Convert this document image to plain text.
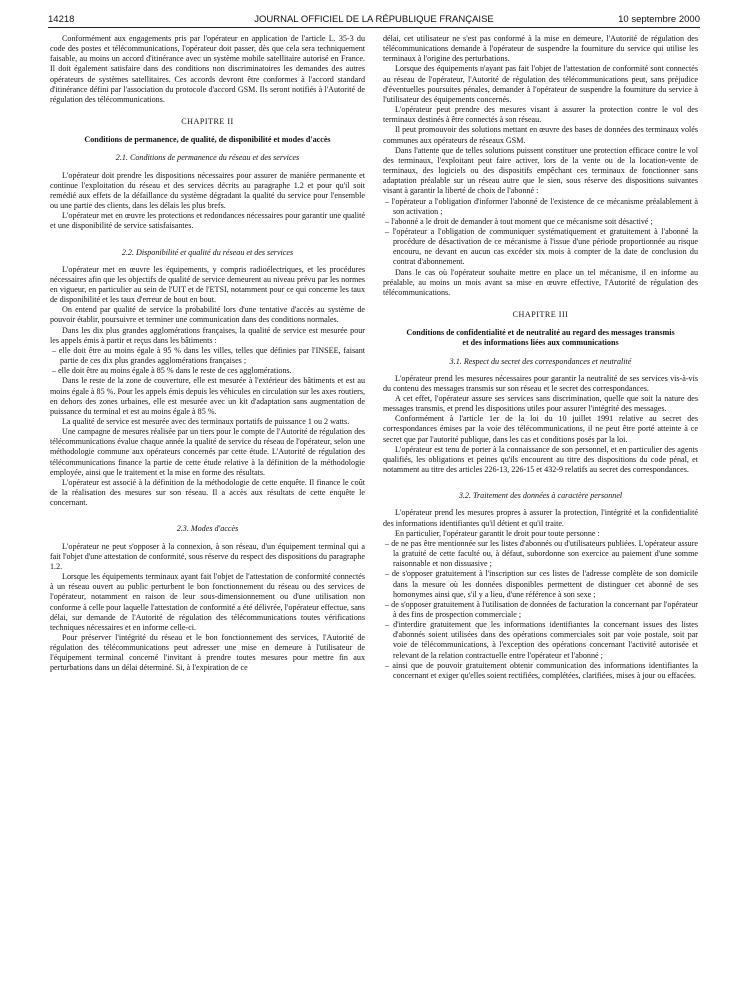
14218	JOURNAL OFFICIEL DE LA RÉPUBLIQUE FRANÇAISE	10 septembre 2000

Conformément aux engagements pris par l'opérateur en application de l'article L. 35-3 du code des postes et télécommunications, l'opérateur doit passer, dès que cela sera techniquement faisable, au moins un accord d'itinérance avec un système mobile satellitaire autorisé en France. Il doit également satisfaire dans des conditions non discriminatoires les demandes des autres opérateurs de systèmes satellitaires. Ces accords devront être conformes à l'accord standard d'itinérance défini par l'association du protocole d'accord GSM. Ils seront notifiés à l'Autorité de régulation des télécommunications.

CHAPITRE II

Conditions de permanence, de qualité, de disponibilité et modes d'accès

2.1. Conditions de permanence du réseau et des services

L'opérateur doit prendre les dispositions nécessaires pour assurer de manière permanente et continue l'exploitation du réseau et des services décrits au paragraphe 1.2 et pour qu'il soit remédié aux effets de la défaillance du système dégradant la qualité du service pour l'ensemble ou une partie des clients, dans les délais les plus brefs.

L'opérateur met en œuvre les protections et redondances nécessaires pour garantir une qualité et une disponibilité de service satisfaisantes.

2.2. Disponibilité et qualité du réseau et des services

L'opérateur met en œuvre les équipements, y compris radioélectriques, et les procédures nécessaires afin que les objectifs de qualité de service demeurent au niveau prévu par les normes en vigueur, en particulier au sein de l'UIT et de l'ETSI, notamment pour ce qui concerne les taux de disponibilité et les taux d'erreur de bout en bout.

On entend par qualité de service la probabilité lors d'une tentative d'accès au système de pouvoir établir, poursuivre et terminer une communication dans des conditions normales.

Dans les dix plus grandes agglomérations françaises, la qualité de service est mesurée pour les appels émis à partir et reçus dans les bâtiments :

– elle doit être au moins égale à 95 % dans les villes, telles que définies par l'INSEE, faisant partie de ces dix plus grandes agglomérations françaises ;

– elle doit être au moins égale à 85 % dans le reste de ces agglomérations.

Dans le reste de la zone de couverture, elle est mesurée à l'extérieur des bâtiments et est au moins égale à 85 %. Pour les appels émis depuis les véhicules en circulation sur les axes routiers, en dehors des zones urbaines, elle est mesurée avec un kit d'adaptation sans augmentation de puissance du terminal et est au moins égale à 85 %.

La qualité de service est mesurée avec des terminaux portatifs de puissance 1 ou 2 watts.

Une campagne de mesures réalisée par un tiers pour le compte de l'Autorité de régulation des télécommunications évalue chaque année la qualité de service du réseau de l'opérateur, selon une méthodologie commune aux opérateurs concernés par cette étude. L'Autorité de régulation des télécommunications finance la partie de cette étude relative à la définition de la méthodologie employée, ainsi que le traitement et la mise en forme des résultats.

L'opérateur est associé à la définition de la méthodologie de cette enquête. Il finance le coût de la réalisation des mesures sur son réseau. Il a accès aux résultats de cette enquête le concernant.

2.3. Modes d'accès

L'opérateur ne peut s'opposer à la connexion, à son réseau, d'un équipement terminal qui a fait l'objet d'une attestation de conformité, sous réserve du respect des dispositions du paragraphe 1.2.

Lorsque les équipements terminaux ayant fait l'objet de l'attestation de conformité connectés à un réseau ouvert au public perturbent le bon fonctionnement du réseau ou des services de l'opérateur, notamment en raison de leur sous-dimensionnement ou d'une utilisation non conforme à celle pour laquelle l'attestation de conformité a été délivrée, l'opérateur effectue, sans délai, sur demande de l'Autorité de régulation des télécommunications toutes vérifications techniques nécessaires et en informe celle-ci.

Pour préserver l'intégrité du réseau et le bon fonctionnement des services, l'Autorité de régulation des télécommunications peut adresser une mise en demeure à l'utilisateur de l'équipement terminal concerné l'invitant à prendre toutes mesures pour mettre fin aux perturbations dans un délai déterminé. Si, à l'expiration de ce

délai, cet utilisateur ne s'est pas conformé à la mise en demeure, l'Autorité de régulation des télécommunications demande à l'opérateur de suspendre la fourniture du service qui utilise les terminaux à l'origine des perturbations.

Lorsque des équipements n'ayant pas fait l'objet de l'attestation de conformité sont connectés au réseau de l'opérateur, l'Autorité de régulation des télécommunications peut, sans préjudice d'éventuelles poursuites pénales, demander à l'opérateur de suspendre la fourniture du service à l'utilisateur des équipements concernés.

L'opérateur peut prendre des mesures visant à assurer la protection contre le vol des terminaux destinés à être connectés à son réseau.

Il peut promouvoir des solutions mettant en œuvre des bases de données des terminaux volés communes aux opérateurs de réseaux GSM.

Dans l'attente que de telles solutions puissent constituer une protection efficace contre le vol des terminaux, l'exploitant peut faire activer, lors de la vente ou de la location-vente de terminaux, des logiciels ou des dispositifs empêchant ces terminaux de fonctionner sans adaptation préalable sur un réseau autre que le sien, sous réserve des dispositions suivantes visant à garantir la liberté de choix de l'abonné :

– l'opérateur a l'obligation d'informer l'abonné de l'existence de ce mécanisme préalablement à son activation ;

– l'abonné a le droit de demander à tout moment que ce mécanisme soit désactivé ;

– l'opérateur a l'obligation de communiquer systématiquement et gratuitement à l'abonné la procédure de désactivation de ce mécanisme à l'issue d'une période proportionnée au risque encouru, ne devant en aucun cas excéder six mois à compter de la date de conclusion du contrat d'abonnement.

Dans le cas où l'opérateur souhaite mettre en place un tel mécanisme, il en informe au préalable, au moins un mois avant sa mise en œuvre effective, l'Autorité de régulation des télécommunications.

CHAPITRE III

Conditions de confidentialité et de neutralité au regard des messages transmis et des informations liées aux communications

3.1. Respect du secret des correspondances et neutralité

L'opérateur prend les mesures nécessaires pour garantir la neutralité de ses services vis-à-vis du contenu des messages transmis sur son réseau et le secret des correspondances.

A cet effet, l'opérateur assure ses services sans discrimination, quelle que soit la nature des messages transmis, et prend les dispositions utiles pour assurer l'intégrité des messages.

Conformément à l'article 1er de la loi du 10 juillet 1991 relative au secret des correspondances émises par la voie des télécommunications, il ne peut être porté atteinte à ce secret que par l'autorité publique, dans les cas et conditions posés par la loi.

L'opérateur est tenu de porter à la connaissance de son personnel, et en particulier des agents qualifiés, les obligations et peines qu'ils encourent au titre des dispositions du code pénal, et notamment au titre des articles 226-13, 226-15 et 432-9 relatifs au secret des correspondances.

3.2. Traitement des données à caractère personnel

L'opérateur prend les mesures propres à assurer la protection, l'intégrité et la confidentialité des informations identifiantes qu'il détient et qu'il traite.

En particulier, l'opérateur garantit le droit pour toute personne :

– de ne pas être mentionnée sur les listes d'abonnés ou d'utilisateurs publiées. L'opérateur assure la gratuité de cette faculté ou, à défaut, subordonne son exercice au paiement d'une somme raisonnable et non dissuasive ;

– de s'opposer gratuitement à l'inscription sur ces listes de l'adresse complète de son domicile dans la mesure où les données disponibles permettent de distinguer cet abonné de ses homonymes ainsi que, s'il y a lieu, d'une référence à son sexe ;

– de s'opposer gratuitement à l'utilisation de données de facturation la concernant par l'opérateur à des fins de prospection commerciale ;

– d'interdire gratuitement que les informations identifiantes la concernant issues des listes d'abonnés soient utilisées dans des opérations commerciales soit par voie postale, soit par voie de télécommunications, à l'exception des opérations concernant l'activité autorisée et relevant de la relation contractuelle entre l'opérateur et l'abonné ;

– ainsi que de pouvoir gratuitement obtenir communication des informations identifiantes la concernant et exiger qu'elles soient rectifiées, complétées, clarifiées, mises à jour ou effacées.
